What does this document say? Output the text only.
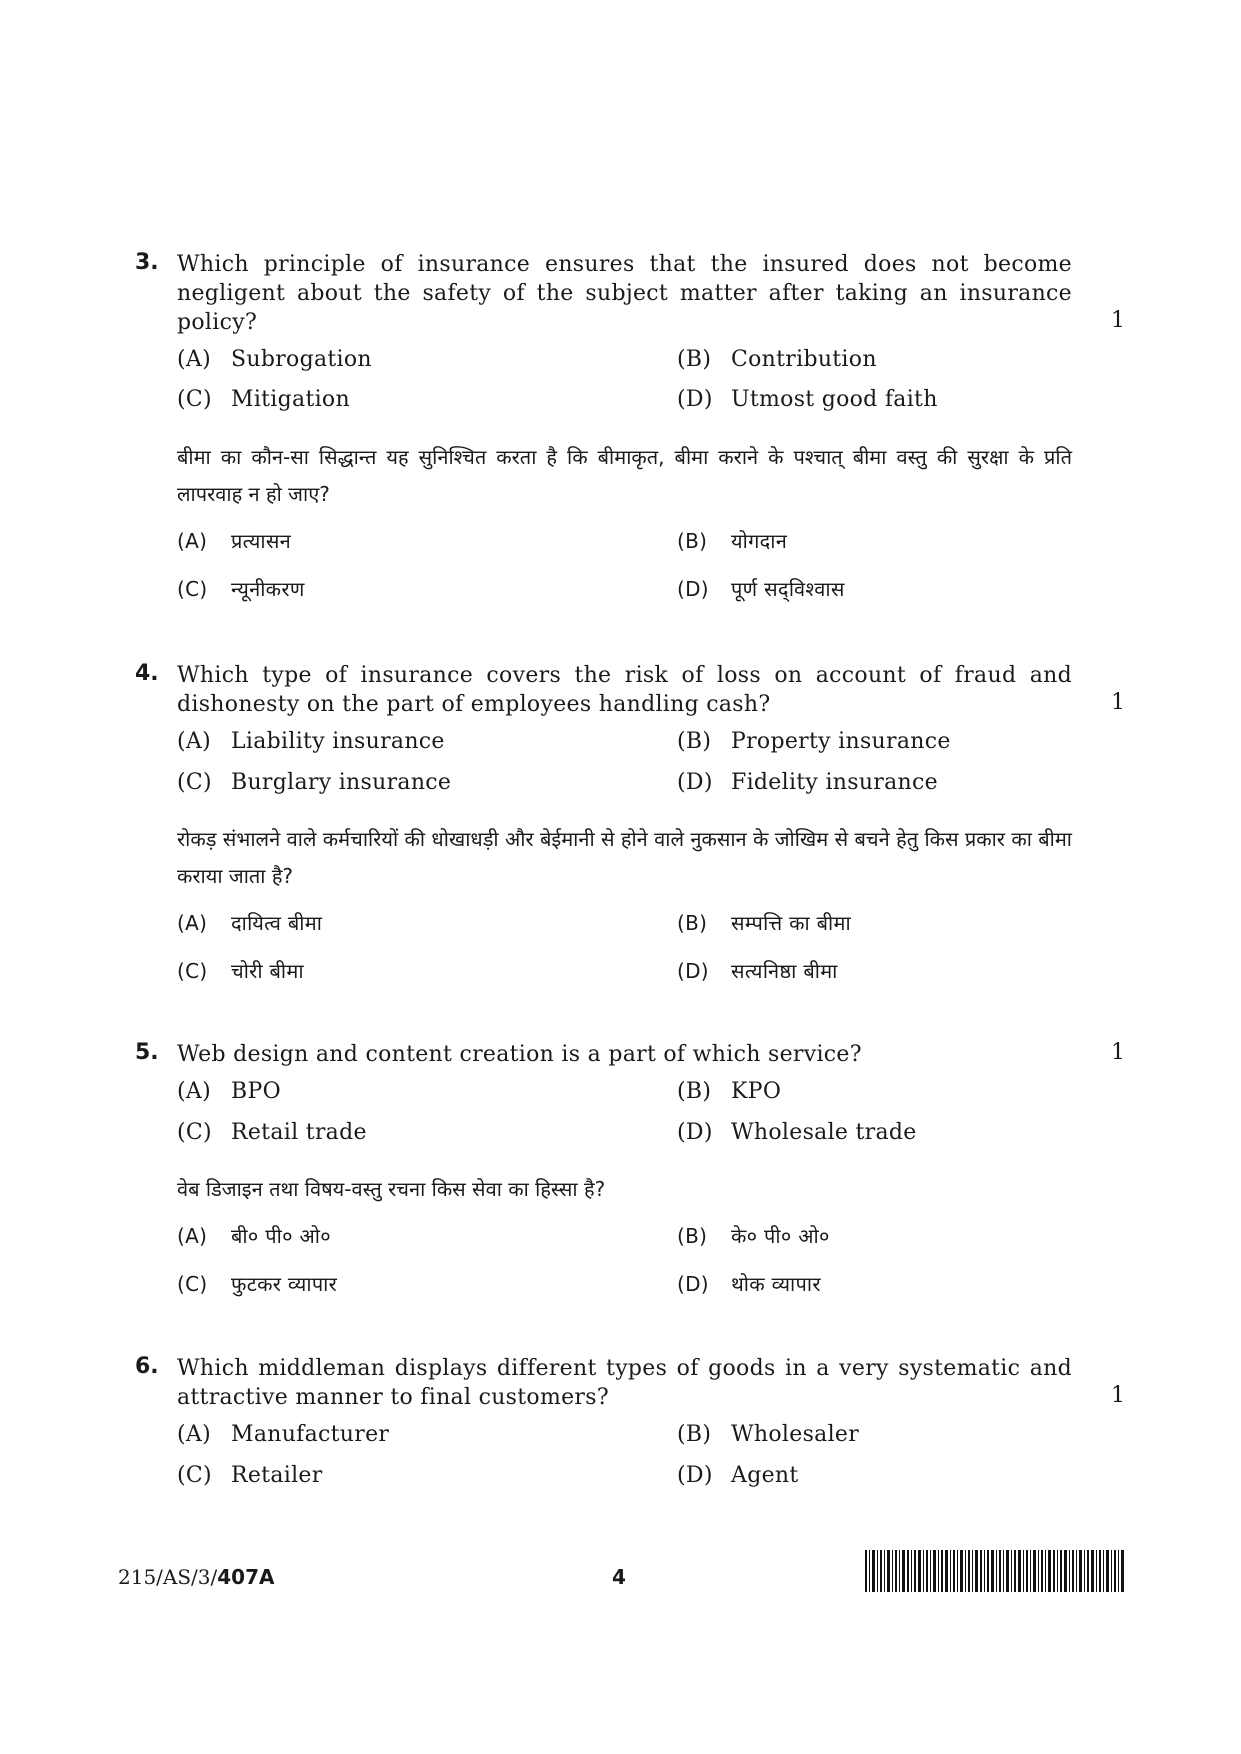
3. Which principle of insurance ensures that the insured does not become negligent about the safety of the subject matter after taking an insurance policy?	1
(A) Subrogation	(B) Contribution
(C) Mitigation	(D) Utmost good faith
बीमा का कौन-सा सिद्धान्त यह सुनिश्चित करता है कि बीमाकृत, बीमा कराने के पश्चात् बीमा वस्तु की सुरक्षा के प्रति लापरवाह न हो जाए?
(A) प्रत्यासन	(B) योगदान
(C) न्यूनीकरण	(D) पूर्ण सद्‌विश्वास
4. Which type of insurance covers the risk of loss on account of fraud and dishonesty on the part of employees handling cash?	1
(A) Liability insurance	(B) Property insurance
(C) Burglary insurance	(D) Fidelity insurance
रोकड़ संभालने वाले कर्मचारियों की धोखाधड़ी और बेईमानी से होने वाले नुकसान के जोखिम से बचने हेतु किस प्रकार का बीमा कराया जाता है?
(A) दायित्व बीमा	(B) सम्पत्ति का बीमा
(C) चोरी बीमा	(D) सत्यनिष्ठा बीमा
5. Web design and content creation is a part of which service?	1
(A) BPO	(B) KPO
(C) Retail trade	(D) Wholesale trade
वेब डिजाइन तथा विषय-वस्तु रचना किस सेवा का हिस्सा है?
(A) बी० पी० ओ०	(B) के० पी० ओ०
(C) फुटकर व्यापार	(D) थोक व्यापार
6. Which middleman displays different types of goods in a very systematic and attractive manner to final customers?	1
(A) Manufacturer	(B) Wholesaler
(C) Retailer	(D) Agent
215/AS/3/407A	4
